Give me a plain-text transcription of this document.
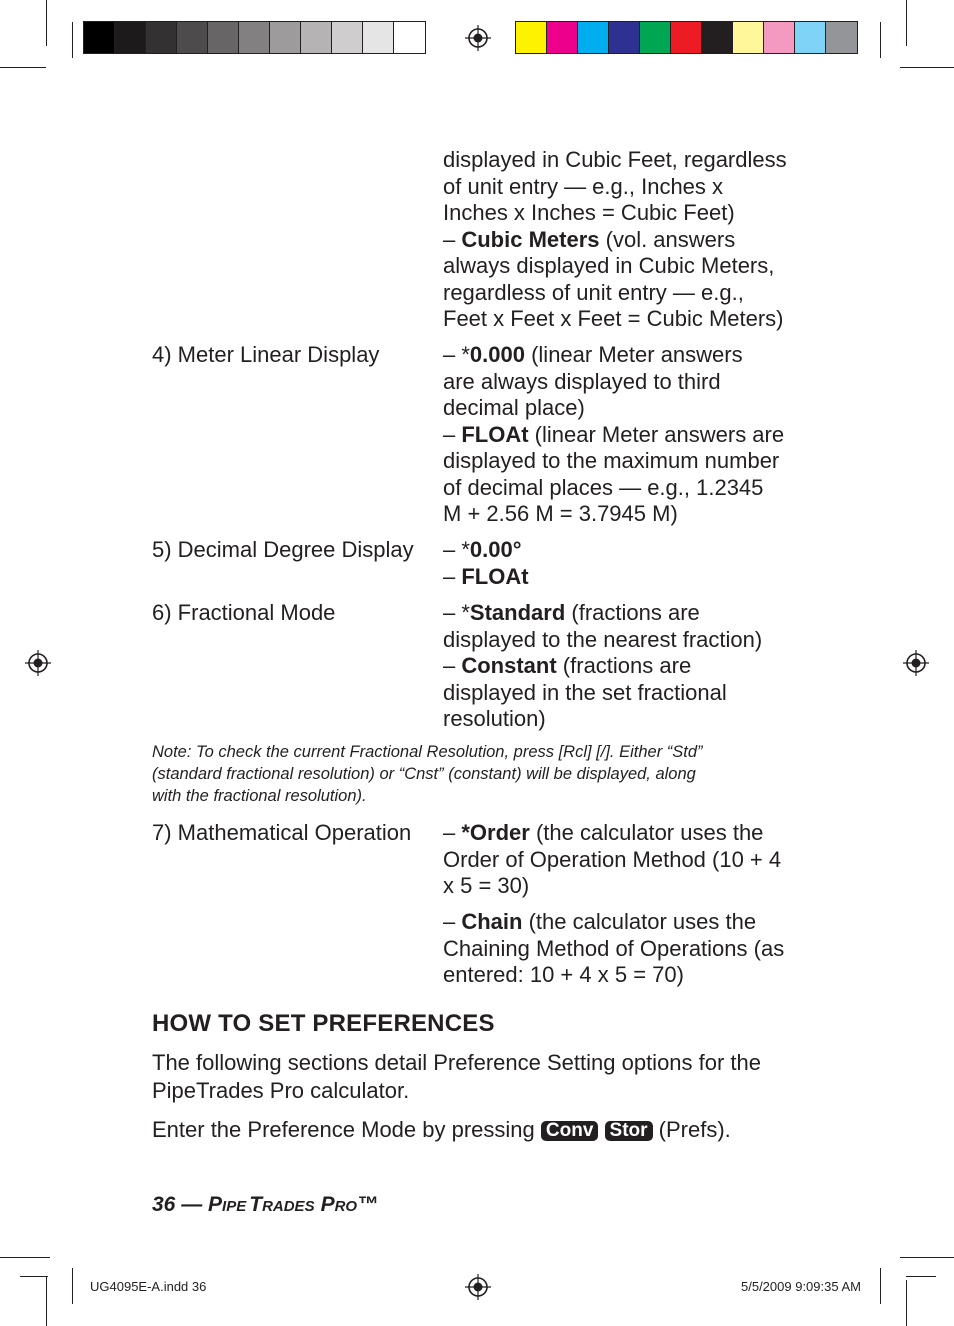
displayed in Cubic Feet, regardless
of unit entry — e.g., Inches x
Inches x Inches = Cubic Feet)
– Cubic Meters (vol. answers
always displayed in Cubic Meters,
regardless of unit entry — e.g.,
Feet x Feet x Feet = Cubic Meters)
4) Meter Linear Display	– *0.000 (linear Meter answers
are always displayed to third
decimal place)
– FLOAt (linear Meter answers are
displayed to the maximum number
of decimal places — e.g., 1.2345
M + 2.56 M = 3.7945 M)
5) Decimal Degree Display – *0.00°
– FLOAt
6) Fractional Mode	– *Standard (fractions are
displayed to the nearest fraction)
– Constant (fractions are
displayed in the set fractional
resolution)
Note: To check the current Fractional Resolution, press [Rcl] [/]. Either “Std”
(standard fractional resolution) or “Cnst” (constant) will be displayed, along
with the fractional resolution).
7) Mathematical Operation – *Order (the calculator uses the
Order of Operation Method (10 + 4
x 5 = 30)
– Chain (the calculator uses the
Chaining Method of Operations (as
entered: 10 + 4 x 5 = 70)
HOW TO SET PREFERENCES
The following sections detail Preference Setting options for the
PipeTrades Pro calculator.
Enter the Preference Mode by pressing Conv Stor (Prefs).
36 — PIPE TRADES PRO™
UG4095E-A.indd 36	5/5/2009 9:09:35 AM
